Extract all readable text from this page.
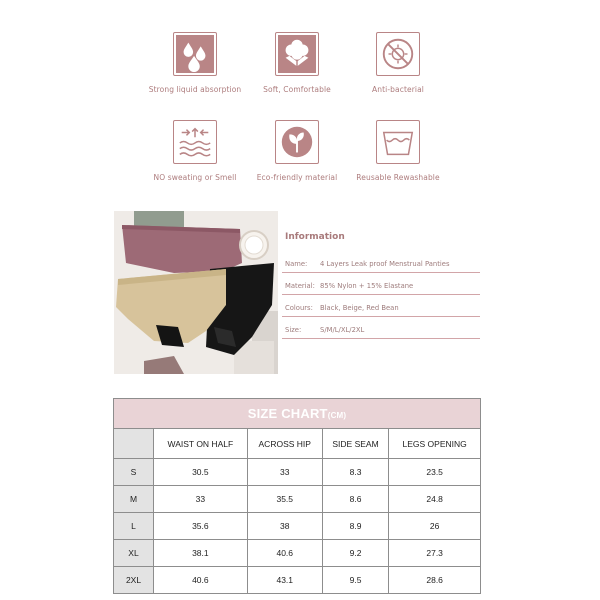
Strong liquid absorption	Soft, Comfortable	Anti-bacterial
NO sweating or Smell	Eco-friendly material	Reusable Rewashable
Information
Name:	4 Layers Leak proof Menstrual Panties
Material: 85% Nylon + 15% Elastane
Colours:	Black, Beige, Red Bean
Size:	S/M/L/XL/2XL
SIZE CHART(CM)				
	WAIST ON HALF	ACROSS HIP	SIDE SEAM	LEGS OPENING
S	30.5	33	8.3	23.5
M	33	35.5	8.6	24.8
L	35.6	38	8.9	26
XL	38.1	40.6	9.2	27.3
2XL	40.6	43.1	9.5	28.6
